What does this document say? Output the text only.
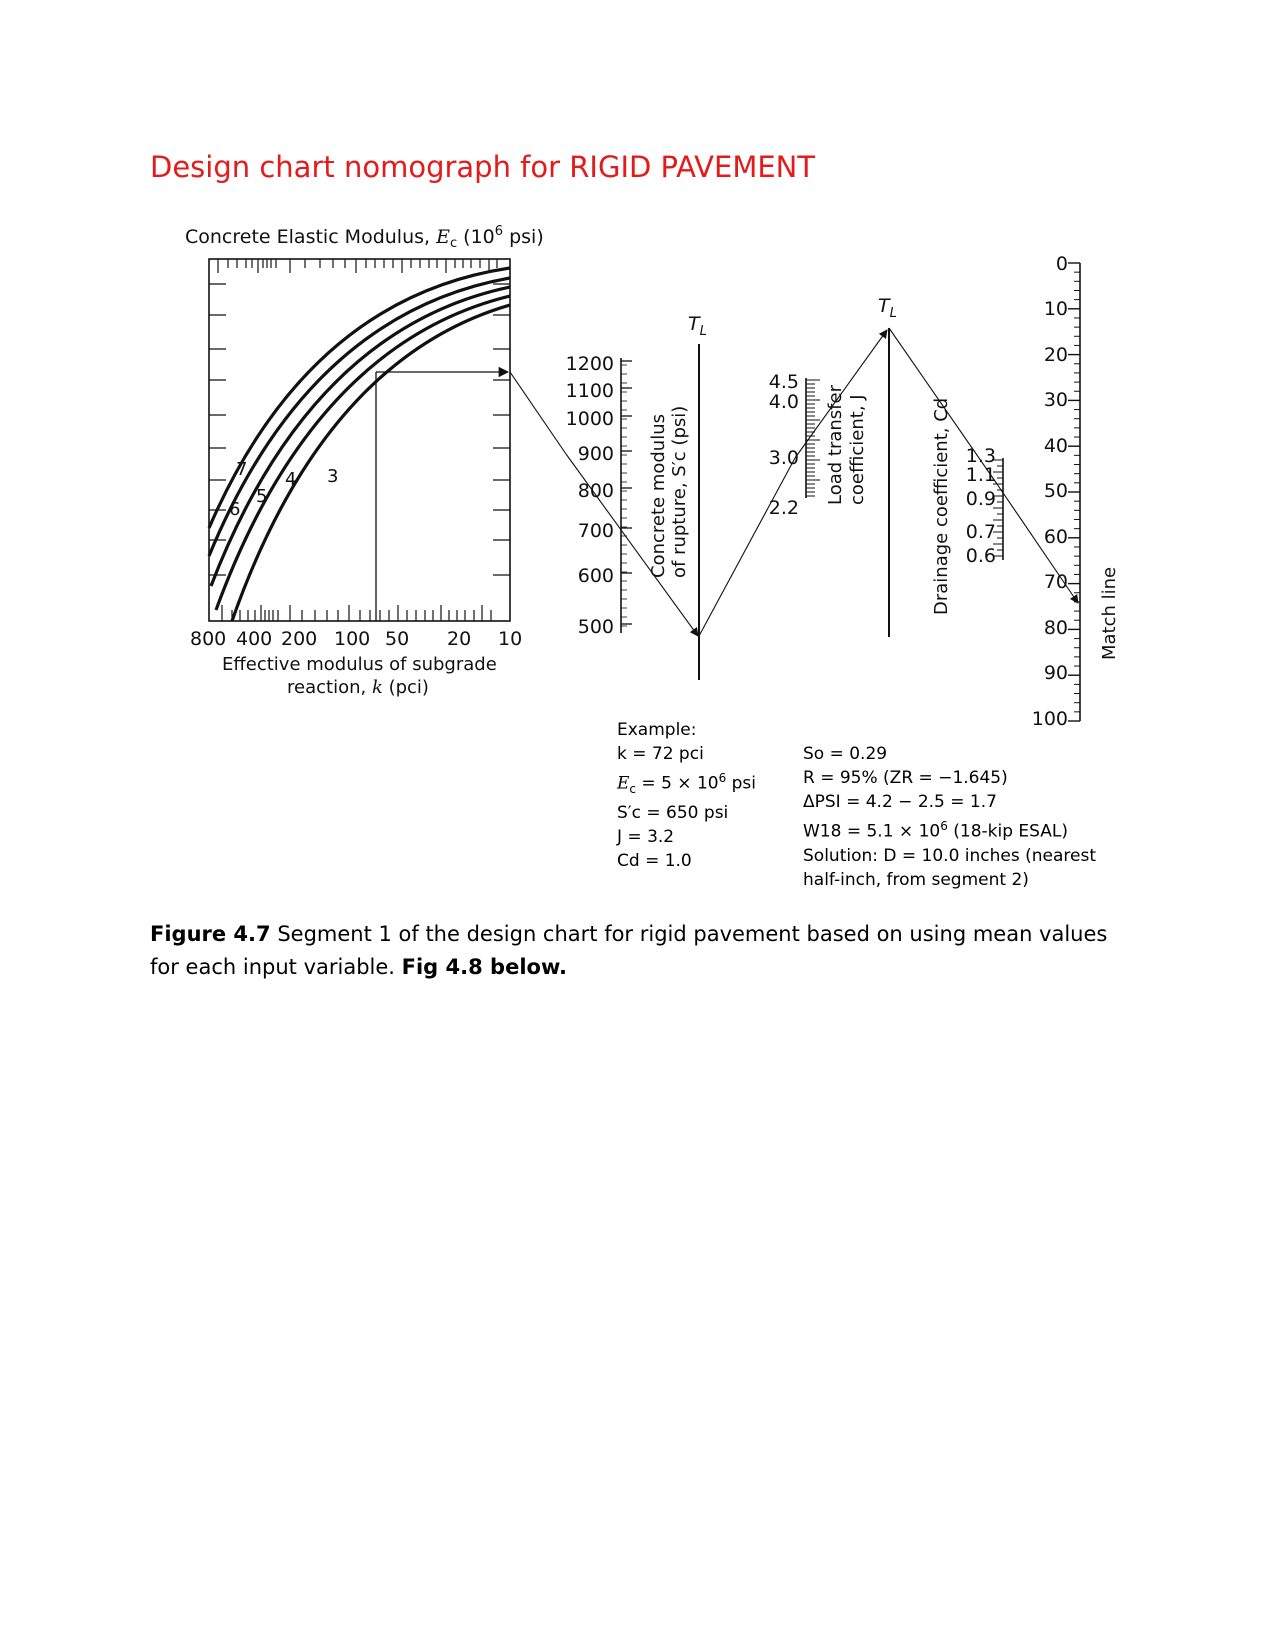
Design chart nomograph for RIGID PAVEMENT
Concrete Elastic Modulus, $E_c$ ($10^6$ psi)
7
6
5
4 3
800 400 200 100 50 20 10
Effective modulus of subgrade
reaction, k (pci)
1200
1100
1000
900
800
700
600
500
Concrete modulus of rupture, S′c (psi)
$T_L$
4.5
4.0
3.0
2.2
Load transfer coefficient, J
$T_L$
1.3
1.1
0.9
0.7
0.6
Drainage coefficient, Cd
0
10
20
30
40
50
60
70
80
90
100
Match line
Example:
k = 72 pci
$E_c = 5 \times 10^6$ psi
S′c = 650 psi
J = 3.2
Cd = 1.0
So = 0.29
R = 95% (ZR = −1.645)
ΔPSI = 4.2 − 2.5 = 1.7
$W18 = 5.1 \times 10^6$ (18-kip ESAL)
Solution: D = 10.0 inches (nearest
half-inch, from segment 2)

Figure 4.7 Segment 1 of the design chart for rigid pavement based on using mean values for each input variable. Fig 4.8 below.
